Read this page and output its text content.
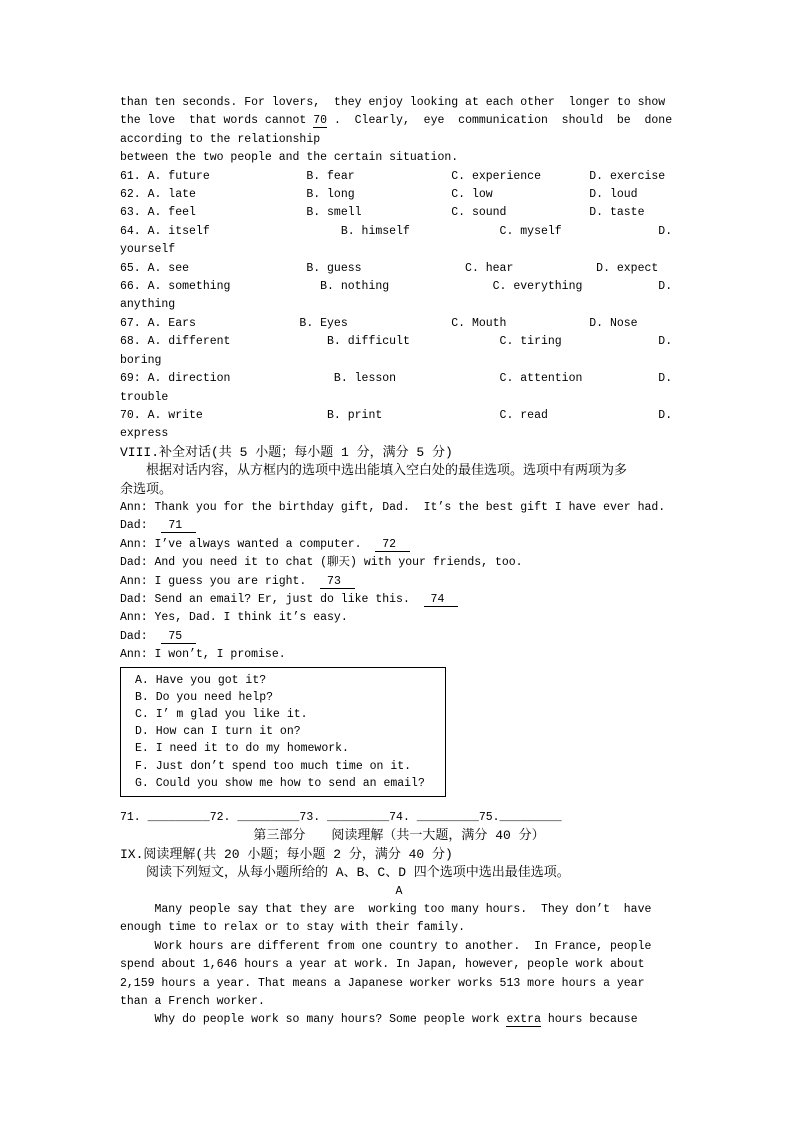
than ten seconds. For lovers,  they enjoy looking at each other  longer to show
the love  that words cannot 70 .  Clearly,  eye  communication  should  be  done
according to the relationship
between the two people and the certain situation.
61. A. future              B. fear              C. experience       D. exercise
62. A. late                B. long              C. low              D. loud
63. A. feel                B. smell             C. sound            D. taste
64. A. itself                   B. himself             C. myself              D.
yourself
65. A. see                 B. guess               C. hear            D. expect
66. A. something             B. nothing               C. everything           D.
anything
67. A. Ears               B. Eyes               C. Mouth            D. Nose
68. A. different              B. difficult             C. tiring              D.
boring
69: A. direction               B. lesson               C. attention           D.
trouble
70. A. write                  B. print                 C. read                D.
express
VIII.补全对话(共 5 小题；每小题 1 分，满分 5 分)
　　根据对话内容，从方框内的选项中选出能填入空白处的最佳选项。选项中有两项为多
余选项。
Ann: Thank you for the birthday gift, Dad.  It’s the best gift I have ever had.
Dad:   71
Ann: I’ve always wanted a computer.   72
Dad: And you need it to chat (聊天) with your friends, too.
Ann: I guess you are right.   73
Dad: Send an email? Er, just do like this.   74
Ann: Yes, Dad. I think it’s easy.
Dad:   75
Ann: I won’t, I promise.
A. Have you got it?
B. Do you need help?
C. I’ m glad you like it.
D. How can I turn it on?
E. I need it to do my homework.
F. Just don’t spend too much time on it.
G. Could you show me how to send an email?
71. _________72. _________73. _________74. _________75._________
第三部分　　阅读理解（共一大题，满分 40 分）
IX.阅读理解(共 20 小题；每小题 2 分，满分 40 分)
　　阅读下列短文，从每小题所给的 A、B、C、D 四个选项中选出最佳选项。
A
Many people say that they are  working too many hours.  They don’t  have
enough time to relax or to stay with their family.
Work hours are different from one country to another.  In France, people
spend about 1,646 hours a year at work. In Japan, however, people work about
2,159 hours a year. That means a Japanese worker works 513 more hours a year
than a French worker.
Why do people work so many hours? Some people work extra hours because
